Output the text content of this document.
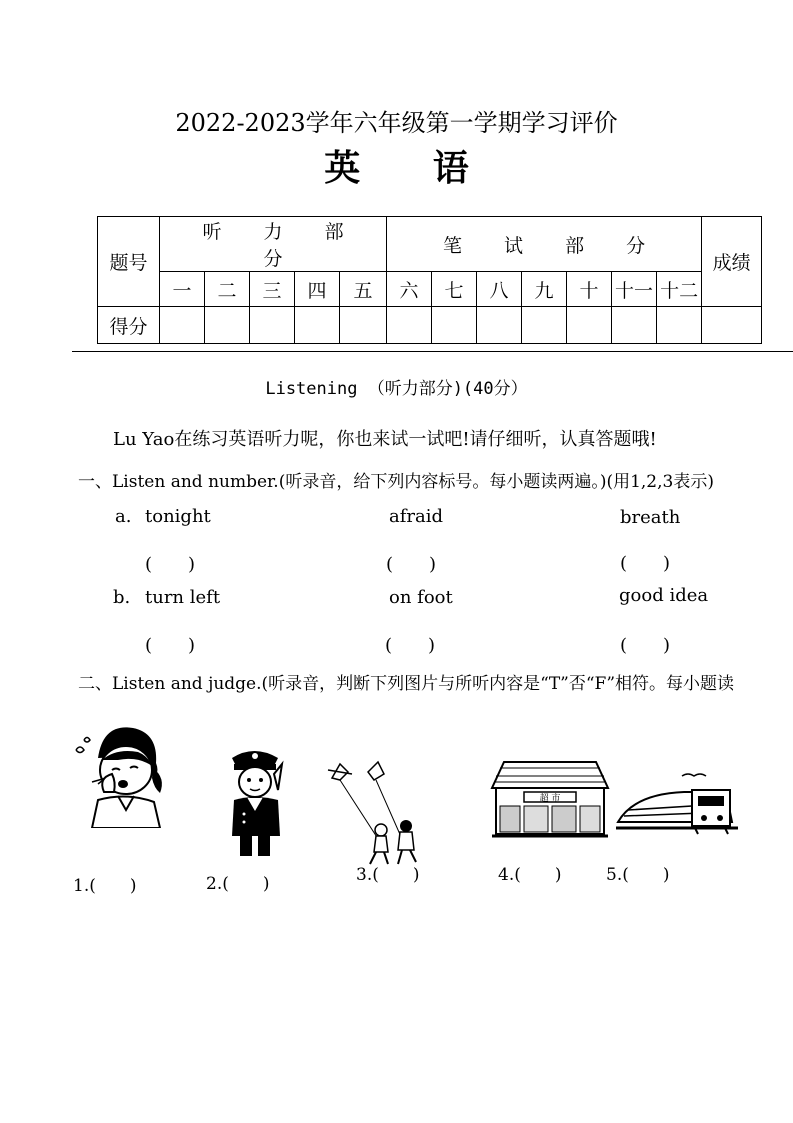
2022-2023学年六年级第一学期学习评价
英 语
题号	听 力 部 分					笔 试 部 分							成绩
	一	二	三	四	五	六	七	八	九	十	十一	十二	
得分													
Listening （听力部分)(40分）
Lu Yao在练习英语听力呢，你也来试一试吧!请仔细听，认真答题哦!
一、Listen and number.(听录音，给下列内容标号。每小题读两遍。)(用1,2,3表示)
a. tonight	afraid	breath
(　　)	(　　)	(　　)
b. turn left	on foot	good idea
(　　)	(　　)	(　　)
二、Listen and judge.(听录音，判断下列图片与所听内容是“T”否“F”相符。每小题读
3.(　　)
超 市
1.(　　)	2.(　　)	4.(　　)	5.(　　)
